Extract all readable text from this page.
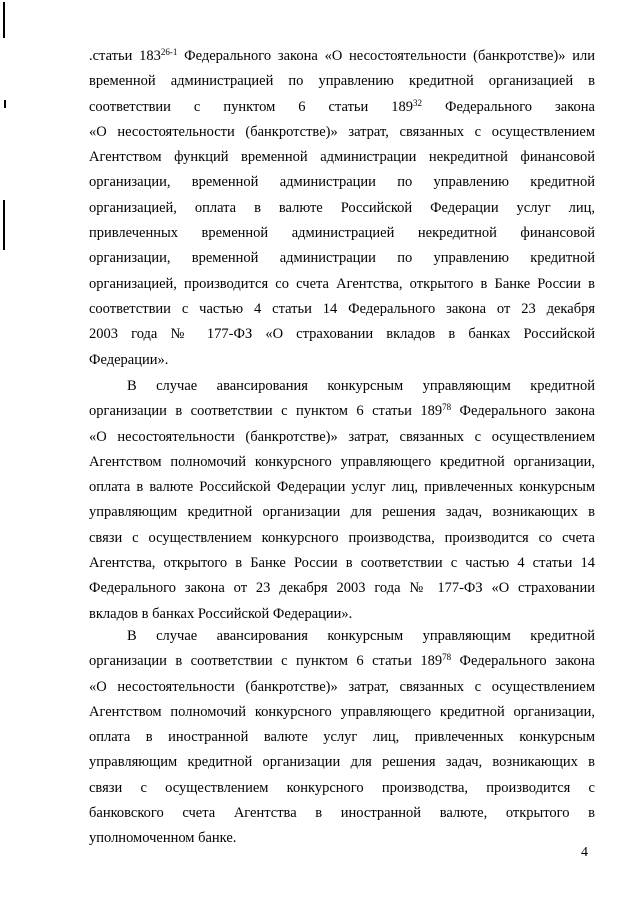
.статьи 183$^{26-1}$ Федерального закона «О несостоятельности (банкротстве)» или
временной администрацией по управлению кредитной организацией в
соответствии с пунктом 6 статьи $189^{32}$ Федерального закона
«О несостоятельности (банкротстве)» затрат, связанных с осуществлением
Агентством функций временной администрации некредитной финансовой
организации, временной администрации по управлению кредитной
организацией, оплата в валюте Российской Федерации услуг лиц,
привлеченных временной администрацией некредитной финансовой
организации, временной администрации по управлению кредитной
организацией, производится со счета Агентства, открытого в Банке России в
соответствии с частью 4 статьи 14 Федерального закона от 23 декабря
2003 года № 177-ФЗ «О страховании вкладов в банках Российской
Федерации».
В случае авансирования конкурсным управляющим кредитной
организации в соответствии с пунктом 6 статьи $189^{78}$ Федерального закона
«О несостоятельности (банкротстве)» затрат, связанных с осуществлением
Агентством полномочий конкурсного управляющего кредитной организации,
оплата в валюте Российской Федерации услуг лиц, привлеченных конкурсным
управляющим кредитной организации для решения задач, возникающих в
связи с осуществлением конкурсного производства, производится со счета
Агентства, открытого в Банке России в соответствии с частью 4 статьи 14
Федерального закона от 23 декабря 2003 года № 177-ФЗ «О страховании
вкладов в банках Российской Федерации».
В случае авансирования конкурсным управляющим кредитной
организации в соответствии с пунктом 6 статьи $189^{78}$ Федерального закона
«О несостоятельности (банкротстве)» затрат, связанных с осуществлением
Агентством полномочий конкурсного управляющего кредитной организации,
оплата в иностранной валюте услуг лиц, привлеченных конкурсным
управляющим кредитной организации для решения задач, возникающих в
связи с осуществлением конкурсного производства, производится с
банковского счета Агентства в иностранной валюте, открытого в
уполномоченном банке.
4
